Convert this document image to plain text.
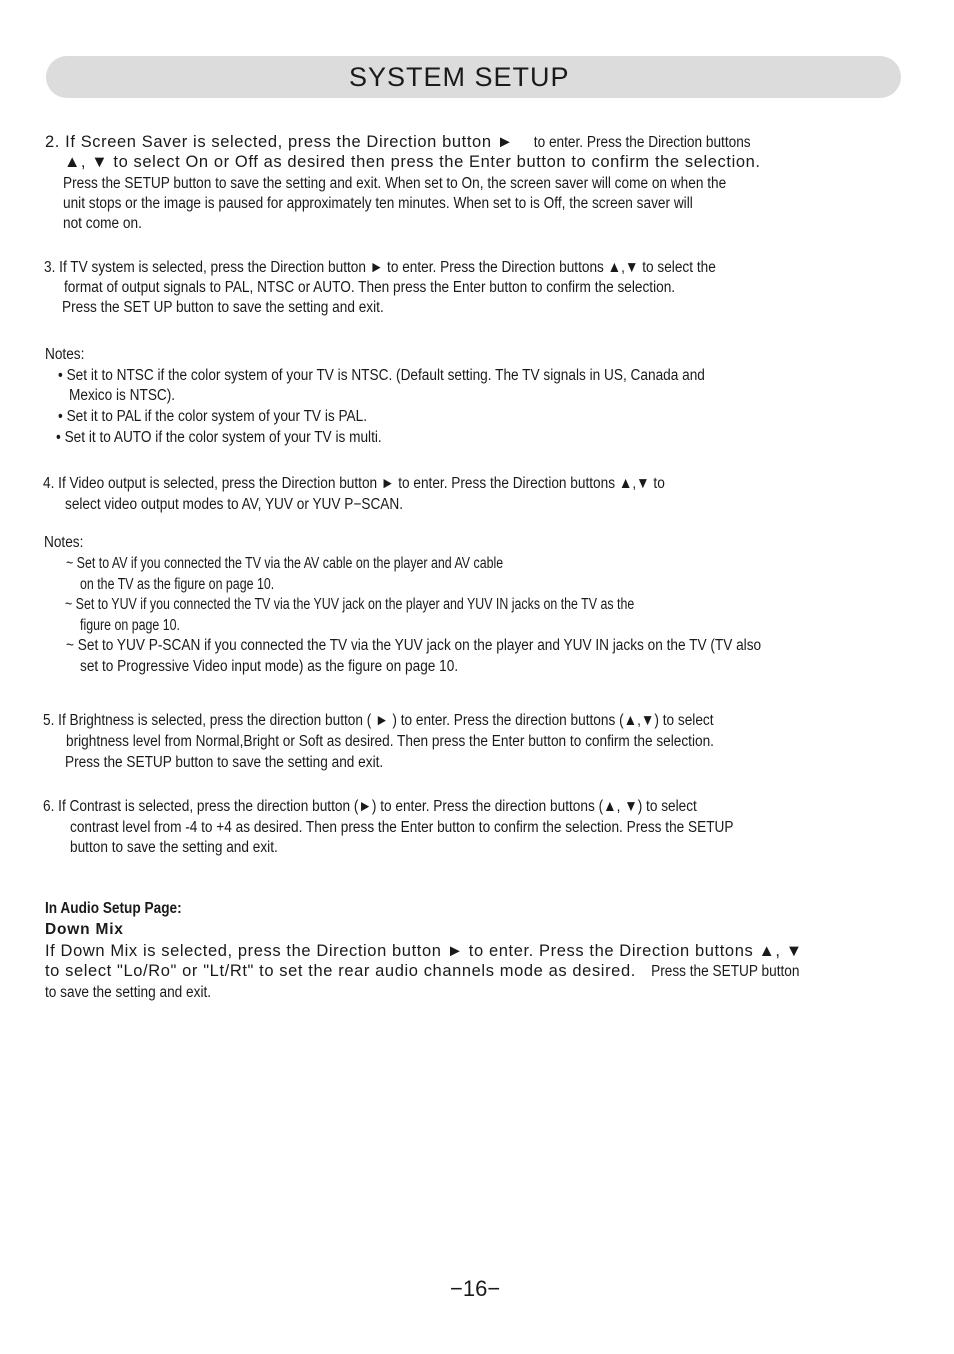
SYSTEM SETUP
2. If Screen Saver is selected, press the Direction button ► to enter. Press the Direction buttons
▲, ▼ to select On or Off as desired then press the Enter button to confirm the selection.
Press the SETUP button to save the setting and exit. When set to On, the screen saver will come on when the
unit stops or the image is paused for approximately ten minutes. When set to is Off, the screen saver will
not come on.
3. If TV system is selected, press the Direction button ► to enter. Press the Direction buttons ▲,▼ to select the
format of output signals to PAL, NTSC or AUTO. Then press the Enter button to confirm the selection.
Press the SET UP button to save the setting and exit.
Notes:
• Set it to NTSC if the color system of your TV is NTSC. (Default setting. The TV signals in US, Canada and
Mexico is NTSC).
• Set it to PAL if the color system of your TV is PAL.
• Set it to AUTO if the color system of your TV is multi.
4. If Video output is selected, press the Direction button ► to enter. Press the Direction buttons ▲,▼ to
select video output modes to AV, YUV or YUV P−SCAN.
Notes:
~ Set to AV if you connected the TV via the AV cable on the player and AV cable
on the TV as the figure on page 10.
~ Set to YUV if you connected the TV via the YUV jack on the player and YUV IN jacks on the TV as the
figure on page 10.
~ Set to YUV P-SCAN if you connected the TV via the YUV jack on the player and YUV IN jacks on the TV (TV also
set to Progressive Video input mode) as the figure on page 10.
5. If Brightness is selected, press the direction button ( ► ) to enter. Press the direction buttons (▲,▼) to select
brightness level from Normal,Bright or Soft as desired. Then press the Enter button to confirm the selection.
Press the SETUP button to save the setting and exit.
6. If Contrast is selected, press the direction button (►) to enter. Press the direction buttons (▲, ▼) to select
contrast level from -4 to +4 as desired. Then press the Enter button to confirm the selection. Press the SETUP
button to save the setting and exit.
In Audio Setup Page:
Down Mix
If Down Mix is selected, press the Direction button ► to enter. Press the Direction buttons ▲, ▼
to select "Lo/Ro" or "Lt/Rt" to set the rear audio channels mode as desired. Press the SETUP button
to save the setting and exit.
−16−
